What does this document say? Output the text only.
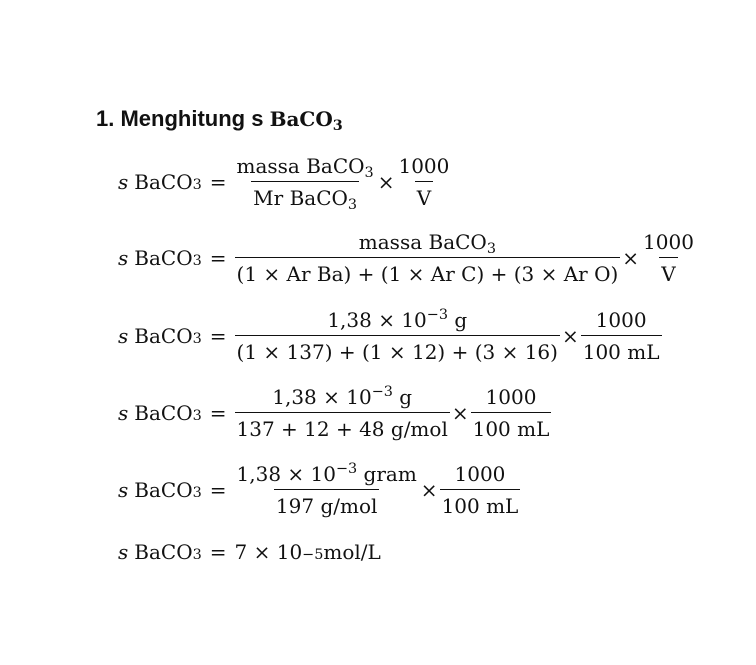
1. Menghitung s BaCO$_3$
s BaCO $3 = \frac{massa BaCO_3}{Mr BaCO_3} \times \frac{1000}{V}$
s BaCO $3 = \frac{massa BaCO_3}{\text{(1 × Ar Ba) + (1 × Ar C) + (3 × Ar O)}} \times \frac{1000}{V}$
s BaCO $3 = \frac{1,38 \times 10^{-3} g}{(1 \times 137) + (1 \times 12) + (3 \times 16)} \times \frac{1000}{100 mL}$
s BaCO $3 = \frac{1,38 \times 10^{-3} g}{\text{137 + 12 + 48 g/mol}} \times \frac{1000}{100 mL}$
s BaCO $3 = \frac{1,38 \times 10^{-3} gram}{\text{197 g/mol}} \times \frac{1000}{100 mL}$
s BaCO 3 = 7 × 10 −5 mol/L
